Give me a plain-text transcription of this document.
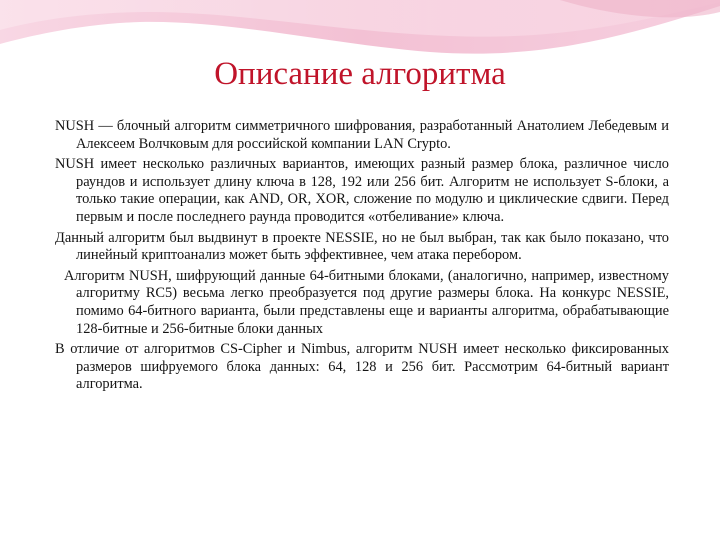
Описание алгоритма

NUSH — блочный алгоритм симметричного шифрования, разработанный Анатолием Лебедевым и Алексеем Волчковым для российской компании LAN Crypto.

NUSH имеет несколько различных вариантов, имеющих разный размер блока, различное число раундов и использует длину ключа в 128, 192 или 256 бит. Алгоритм не использует S-блоки, а только такие операции, как AND, OR, XOR, сложение по модулю и циклические сдвиги. Перед первым и после последнего раунда проводится «отбеливание» ключа.

Данный алгоритм был выдвинут в проекте NESSIE, но не был выбран, так как было показано, что линейный криптоанализ может быть эффективнее, чем атака перебором.

Алгоритм NUSH, шифрующий данные 64-битными блоками, (аналогично, например, известному алгоритму RC5) весьма легко преобразуется под другие размеры блока. На конкурс NESSIE, помимо 64-битного варианта, были представлены еще и варианты алгоритма, обрабатывающие 128-битные и 256-битные блоки данных

В отличие от алгоритмов CS-Cipher и Nimbus, алгоритм NUSH имеет несколько фиксированных размеров шифруемого блока данных: 64, 128 и 256 бит. Рассмотрим 64-битный вариант алгоритма.
